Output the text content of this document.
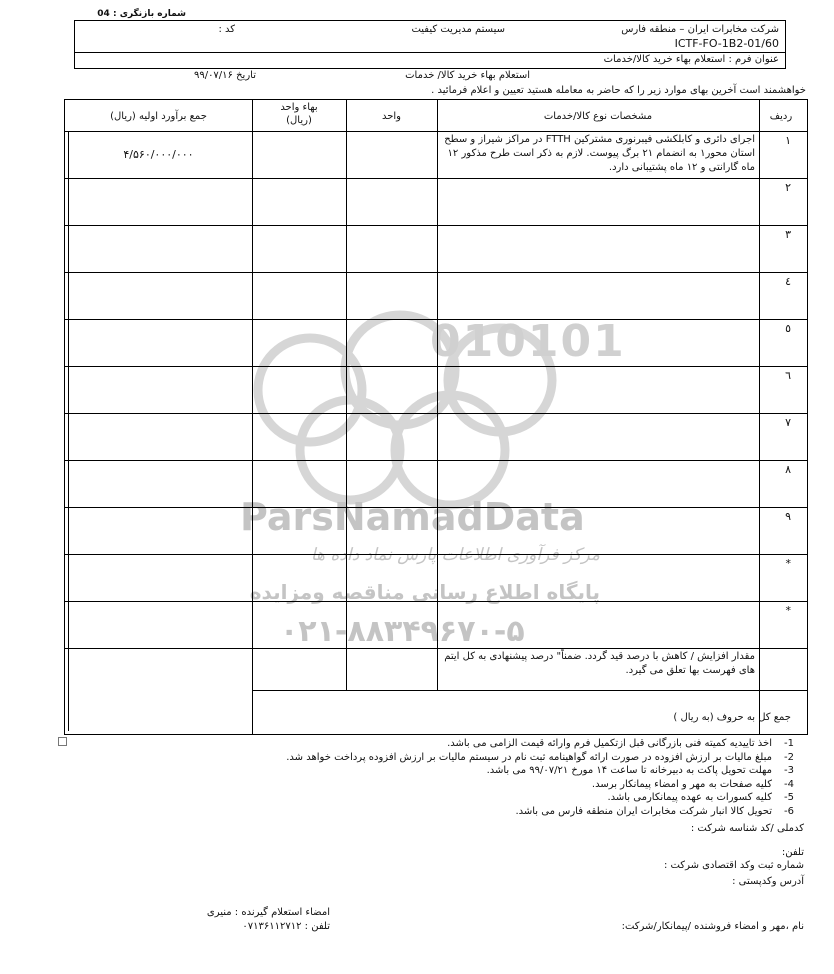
شماره بازنگری : 04
شرکت مخابرات ایران – منطقه فارس
سیستم مدیریت کیفیت
کد :
ICTF-FO-1B2-01/60
عنوان فرم : استعلام بهاء خرید کالا/خدمات
استعلام بهاء خرید کالا/ خدمات
تاریخ ۹۹/۰۷/۱۶
خواهشمند است آخرین بهای موارد زیر را که حاضر به معامله هستید تعیین و اعلام فرمائید .
010101
ParsNamadData
مرکز فرآوری اطلاعات پارس نماد داده ها
پایگاه اطلاع رسانی مناقصه ومزایده
۰۲۱-۸۸۳۴۹۶۷۰-۵
ردیف
مشخصات نوع کالا/خدمات
واحد
بهاء واحد
(ریال)
جمع برآورد اولیه (ریال)
١
اجرای دائری و کابلکشی فیبرنوری مشترکین FTTH در مراکز شیراز و سطح استان محور۱ به انضمام ۲۱ برگ پیوست. لازم به ذکر است طرح مذکور ۱۲ ماه گارانتی و ۱۲ ماه پشتیبانی دارد.
۴/۵۶۰/۰۰۰/۰۰۰
٢
٣
٤
٥
٦
٧
٨
٩
*
*
مقدار افزایش / کاهش با درصد قید گردد. ضمناً" درصد پیشنهادی به کل ایتم های فهرست بها تعلق می گیرد.
جمع کل به حروف (به ریال )
1-اخذ تاییدیه کمیته فنی بازرگانی قبل ازتکمیل فرم وارائه قیمت الزامی می باشد.
2-مبلغ مالیات بر ارزش افزوده در صورت ارائه گواهینامه ثبت نام در سیستم مالیات بر ارزش افزوده پرداخت خواهد شد.
3-مهلت تحویل پاکت به دبیرخانه تا ساعت ۱۴ مورخ ۹۹/۰۷/۲۱ می باشد.
4-کلیه صفحات به مهر و امضاء پیمانکار برسد.
5-کلیه کسورات به عهده پیمانکارمی باشد.
6-تحویل کالا انبار شرکت مخابرات ایران منطقه فارس می باشد.
کدملی /کد شناسه شرکت :
تلفن:
شماره ثبت وکد اقتصادی شرکت :
آدرس وکدپستی :
امضاء استعلام گیرنده : منیری
تلفن : ۰۷۱۳۶۱۱۲۷۱۲	نام ،مهر و امضاء فروشنده /پیمانکار/شرکت:
